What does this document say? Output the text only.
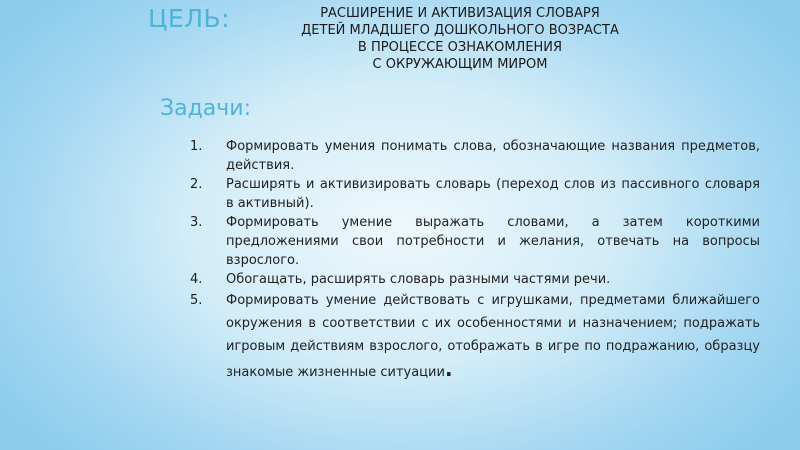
ЦЕЛЬ:	РАСШИРЕНИЕ И АКТИВИЗАЦИЯ СЛОВАРЯ
ДЕТЕЙ МЛАДШЕГО ДОШКОЛЬНОГО ВОЗРАСТА
В ПРОЦЕССЕ ОЗНАКОМЛЕНИЯ
С ОКРУЖАЮЩИМ МИРОМ
Задачи:
1. Формировать умения понимать слова, обозначающие названия предметов, действия.
2. Расширять и активизировать словарь (переход слов из пассивного словаря в активный).
3. Формировать умение выражать словами, а затем короткими предложениями свои потребности и желания, отвечать на вопросы взрослого.
4. Обогащать, расширять словарь разными частями речи.
5. Формировать умение действовать с игрушками, предметами ближайшего окружения в соответствии с их особенностями и назначением; подражать игровым действиям взрослого, отображать в игре по подражанию, образцу знакомые жизненные ситуации.
